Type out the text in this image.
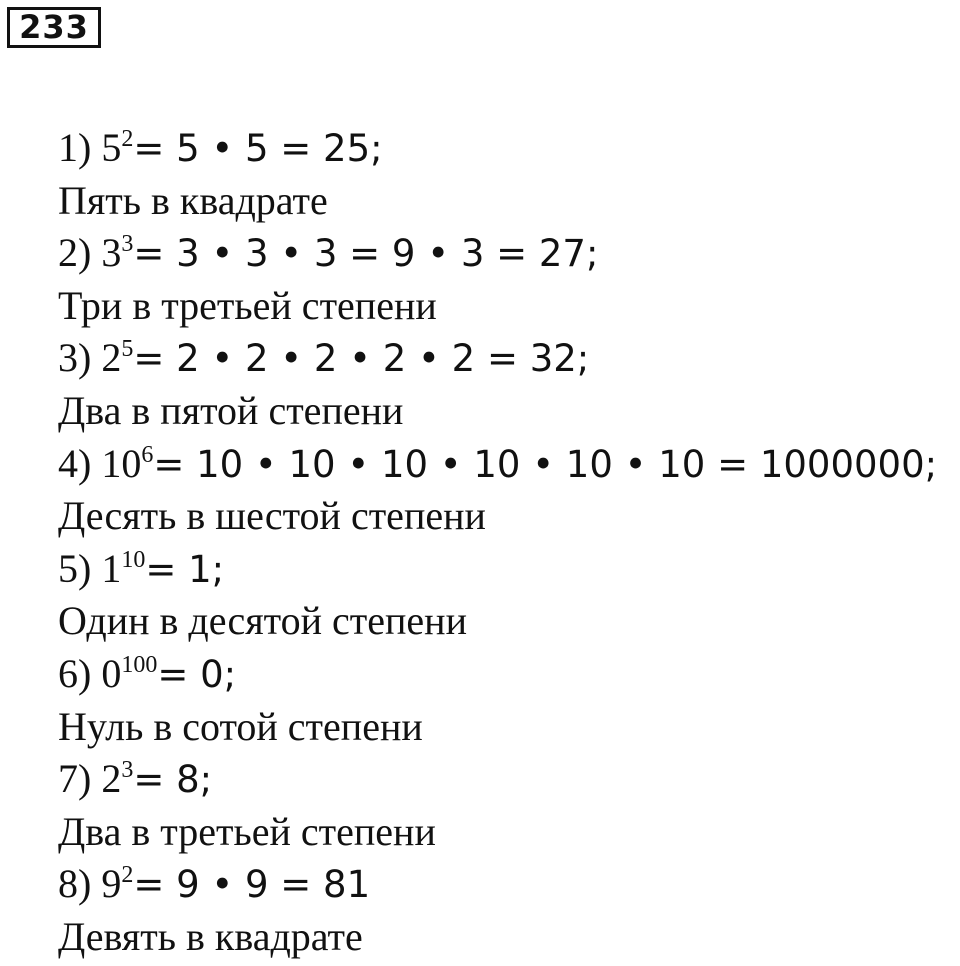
233
1) $5^2= 5$ • 5 = 25;
Пять в квадрате
2) $3^3= 3$ • 3 • 3 = 9 • 3 = 27;
Три в третьей степени
3) $2^5= 2$ • 2 • 2 • 2 • 2 = 32;
Два в пятой степени
4) $10^6= 10$ • 10 • 10 • 10 • 10 • 10 = 1000000;
Десять в шестой степени
5) $1^{10}= 1$;
Один в десятой степени
6) $0^{100}= 0$;
Нуль в сотой степени
7) $2^3= 8$;
Два в третьей степени
8) $9^2= 9$ • 9 = 81
Девять в квадрате
